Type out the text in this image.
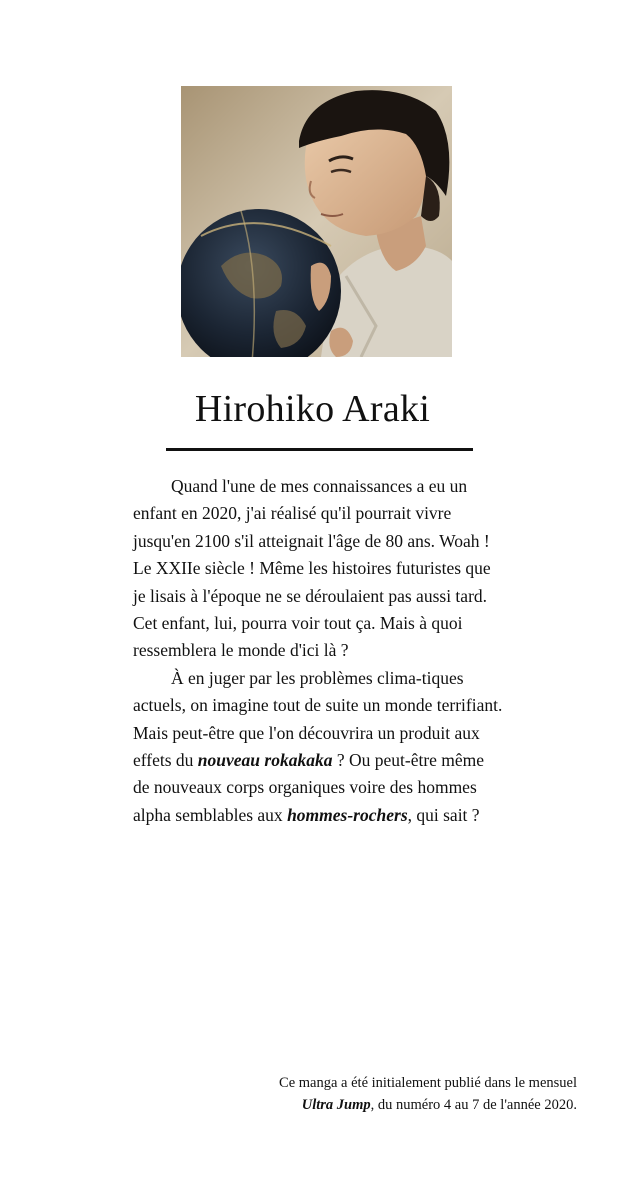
Hirohiko Araki

Quand l'une de mes connaissances a eu un enfant en 2020, j'ai réalisé qu'il pourrait vivre jusqu'en 2100 s'il atteignait l'âge de 80 ans. Woah ! Le XXIIe siècle ! Même les histoires futuristes que je lisais à l'époque ne se déroulaient pas aussi tard. Cet enfant, lui, pourra voir tout ça. Mais à quoi ressemblera le monde d'ici là ?

À en juger par les problèmes clima-tiques actuels, on imagine tout de suite un monde terrifiant. Mais peut-être que l'on découvrira un produit aux effets du nouveau rokakaka ? Ou peut-être même de nouveaux corps organiques voire des hommes alpha semblables aux hommes-rochers, qui sait ?

Ce manga a été initialement publié dans le mensuel Ultra Jump, du numéro 4 au 7 de l'année 2020.
